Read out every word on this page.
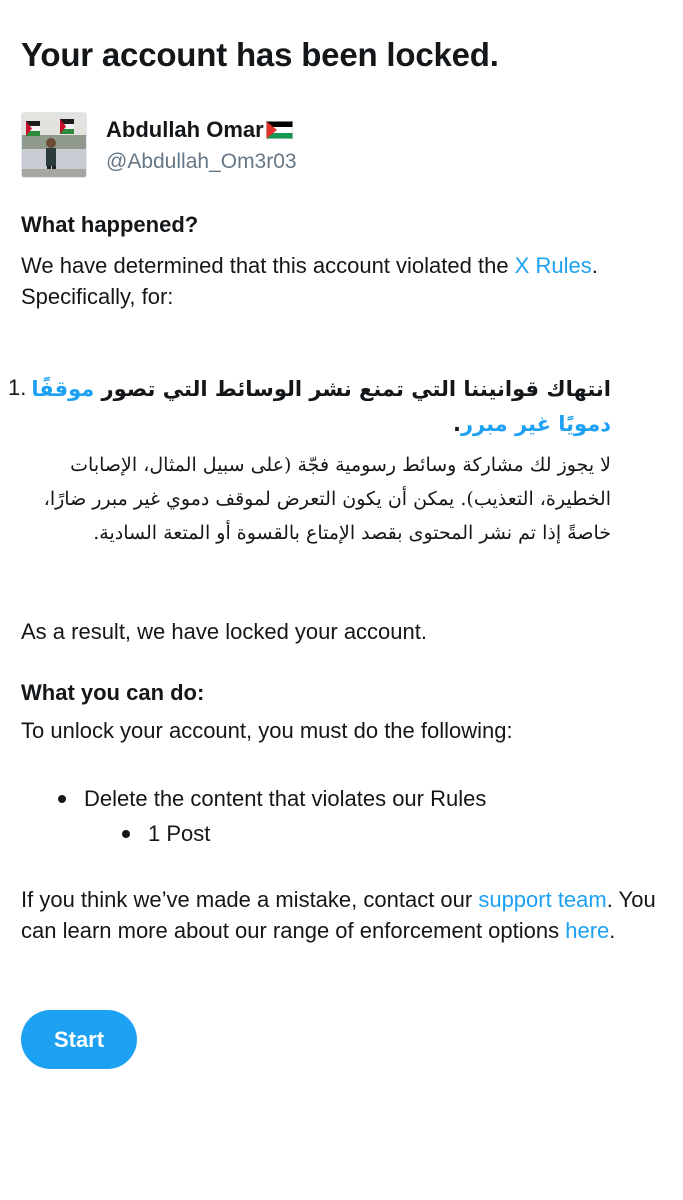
Your account has been locked.
Abdullah Omar
@Abdullah_Om3r03
What happened?

We have determined that this account violated the X Rules. Specifically, for:

1.	انتهاك قوانيننا التي تمنع نشر الوسائط التي تصور موقفًا دمويًا غير مبرر.
لا يجوز لك مشاركة وسائط رسومية فجّة (على سبيل المثال، الإصابات الخطيرة، التعذيب). يمكن أن يكون التعرض لموقف دموي غير مبرر ضارًا، خاصةً إذا تم نشر المحتوى بقصد الإمتاع بالقسوة أو المتعة السادية.

As a result, we have locked your account.

What you can do:

To unlock your account, you must do the following:

Delete the content that violates our Rules
1 Post

If you think we’ve made a mistake, contact our support team. You can learn more about our range of enforcement options here.

Start
